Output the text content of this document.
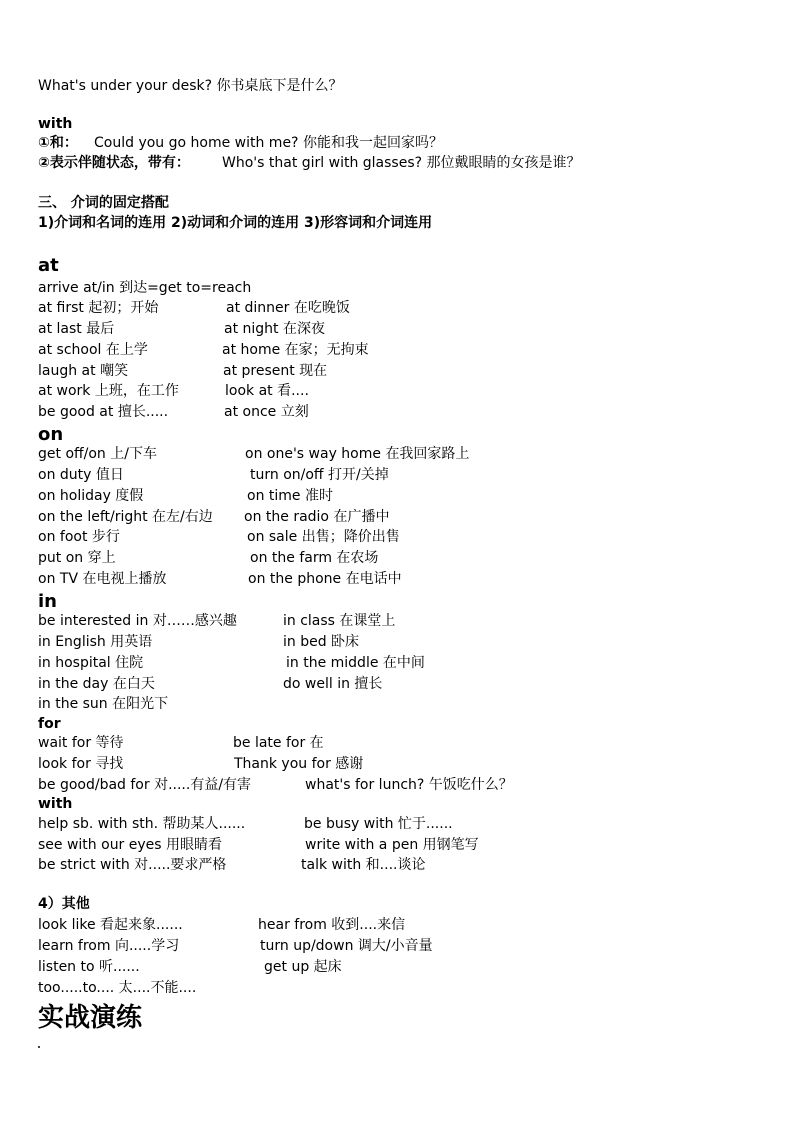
What's under your desk? 你书桌底下是什么？
with
①和： Could you go home with me? 你能和我一起回家吗？
②表示伴随状态，带有： Who's that girl with glasses? 那位戴眼睛的女孩是谁？
三、 介词的固定搭配
1)介词和名词的连用 2)动词和介词的连用 3)形容词和介词连用
at
arrive at/in 到达=get to=reach
at first 起初；开始	at dinner 在吃晚饭
at last 最后	at night 在深夜
at school 在上学	at home 在家；无拘束
laugh at 嘲笑	at present 现在
at work 上班，在工作	look at 看....
be good at 擅长.....	at once 立刻
on
get off/on 上/下车	on one's way home 在我回家路上
on duty 值日	turn on/off 打开/关掉
on holiday 度假	on time 准时
on the left/right 在左/右边 on the radio 在广播中
on foot 步行	on sale 出售；降价出售
put on 穿上	on the farm 在农场
on TV 在电视上播放	on the phone 在电话中
in
be interested in 对……感兴趣	in class 在课堂上
in English 用英语	in bed 卧床
in hospital 住院	in the middle 在中间
in the day 在白天	do well in 擅长
in the sun 在阳光下
for
wait for 等待	be late for 在
look for 寻找	Thank you for 感谢
be good/bad for 对.....有益/有害	what's for lunch? 午饭吃什么？
with
help sb. with sth. 帮助某人......	be busy with 忙于......
see with our eyes 用眼睛看	write with a pen 用钢笔写
be strict with 对.....要求严格	talk with 和....谈论
4）其他
look like 看起来象......	hear from 收到....来信
learn from 向.....学习	turn up/down 调大/小音量
listen to 听......	get up 起床
too.....to.... 太....不能....
实战演练
